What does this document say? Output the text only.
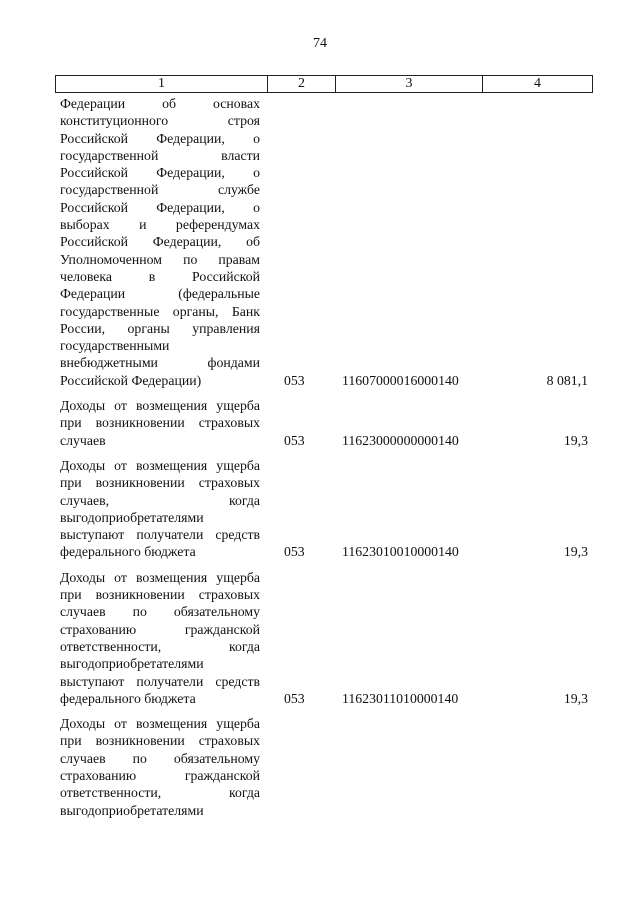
74
1	2	3	4
Федерации об основах
конституционного строя
Российской Федерации, о
государственной власти
Российской Федерации, о
государственной службе
Российской Федерации, о
выборах и референдумах
Российской Федерации, об
Уполномоченном по правам
человека в Российской
Федерации (федеральные
государственные органы, Банк
России, органы управления
государственными
внебюджетными фондами
Российской Федерации)	053	11607000016000140	8 081,1
Доходы от возмещения ущерба
при возникновении страховых
случаев	053	11623000000000140	19,3
Доходы от возмещения ущерба
при возникновении страховых
случаев, когда
выгодоприобретателями
выступают получатели средств
федерального бюджета	053	11623010010000140	19,3
Доходы от возмещения ущерба
при возникновении страховых
случаев по обязательному
страхованию гражданской
ответственности, когда
выгодоприобретателями
выступают получатели средств
федерального бюджета	053	11623011010000140	19,3
Доходы от возмещения ущерба
при возникновении страховых
случаев по обязательному
страхованию гражданской
ответственности, когда
выгодоприобретателями
